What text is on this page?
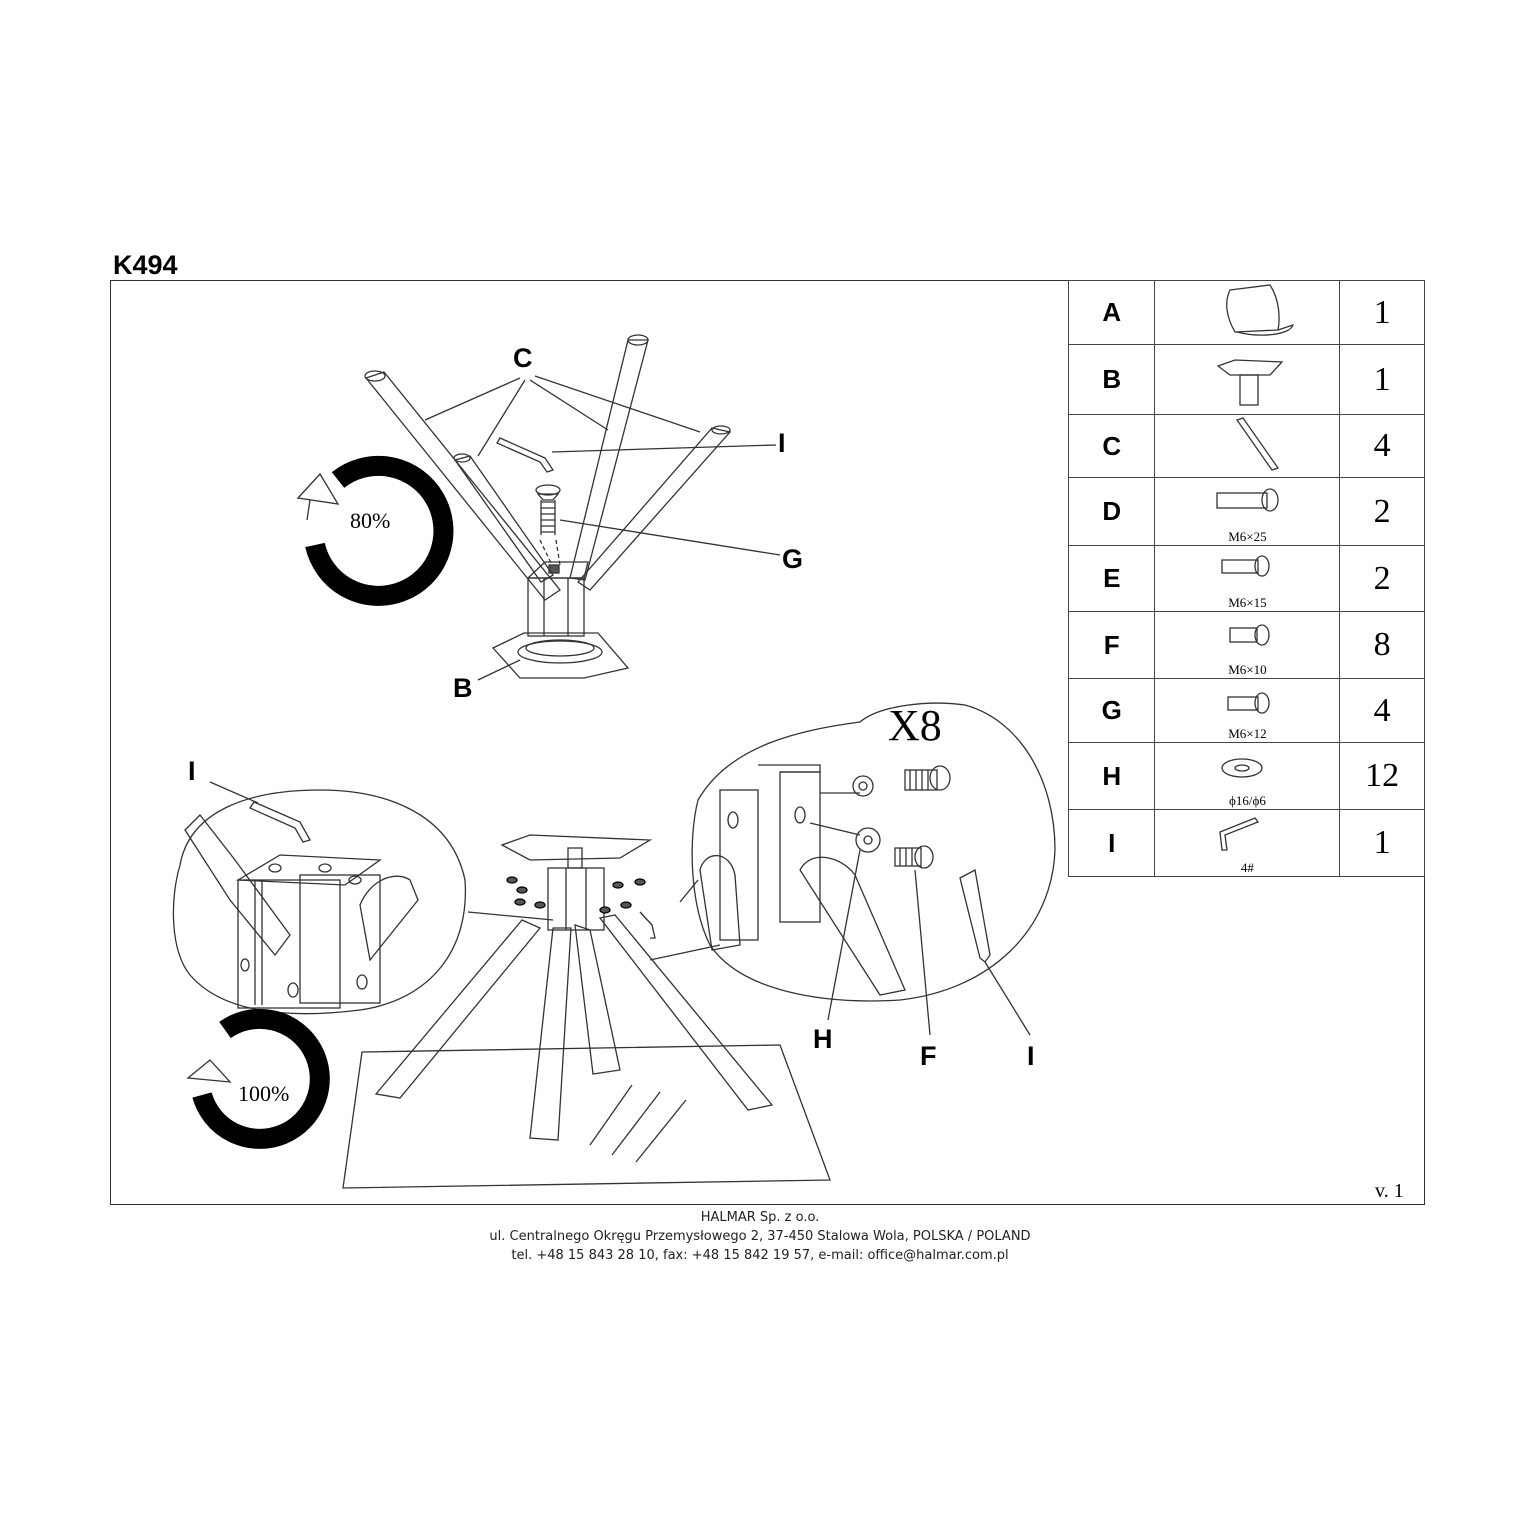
K494
C
I
G
B
80%
I
H
F	I
100%
X8
A		1
B		1
C		4
D	M6×25	2
E	M6×15	2
F	M6×10	8
G	M6×12	4
H	ϕ16/ϕ6	12
I	4#	1
v. 1
HALMAR Sp. z o.o.
ul. Centralnego Okręgu Przemysłowego 2, 37-450 Stalowa Wola, POLSKA / POLAND
tel. +48 15 843 28 10, fax: +48 15 842 19 57, e-mail: office@halmar.com.pl
